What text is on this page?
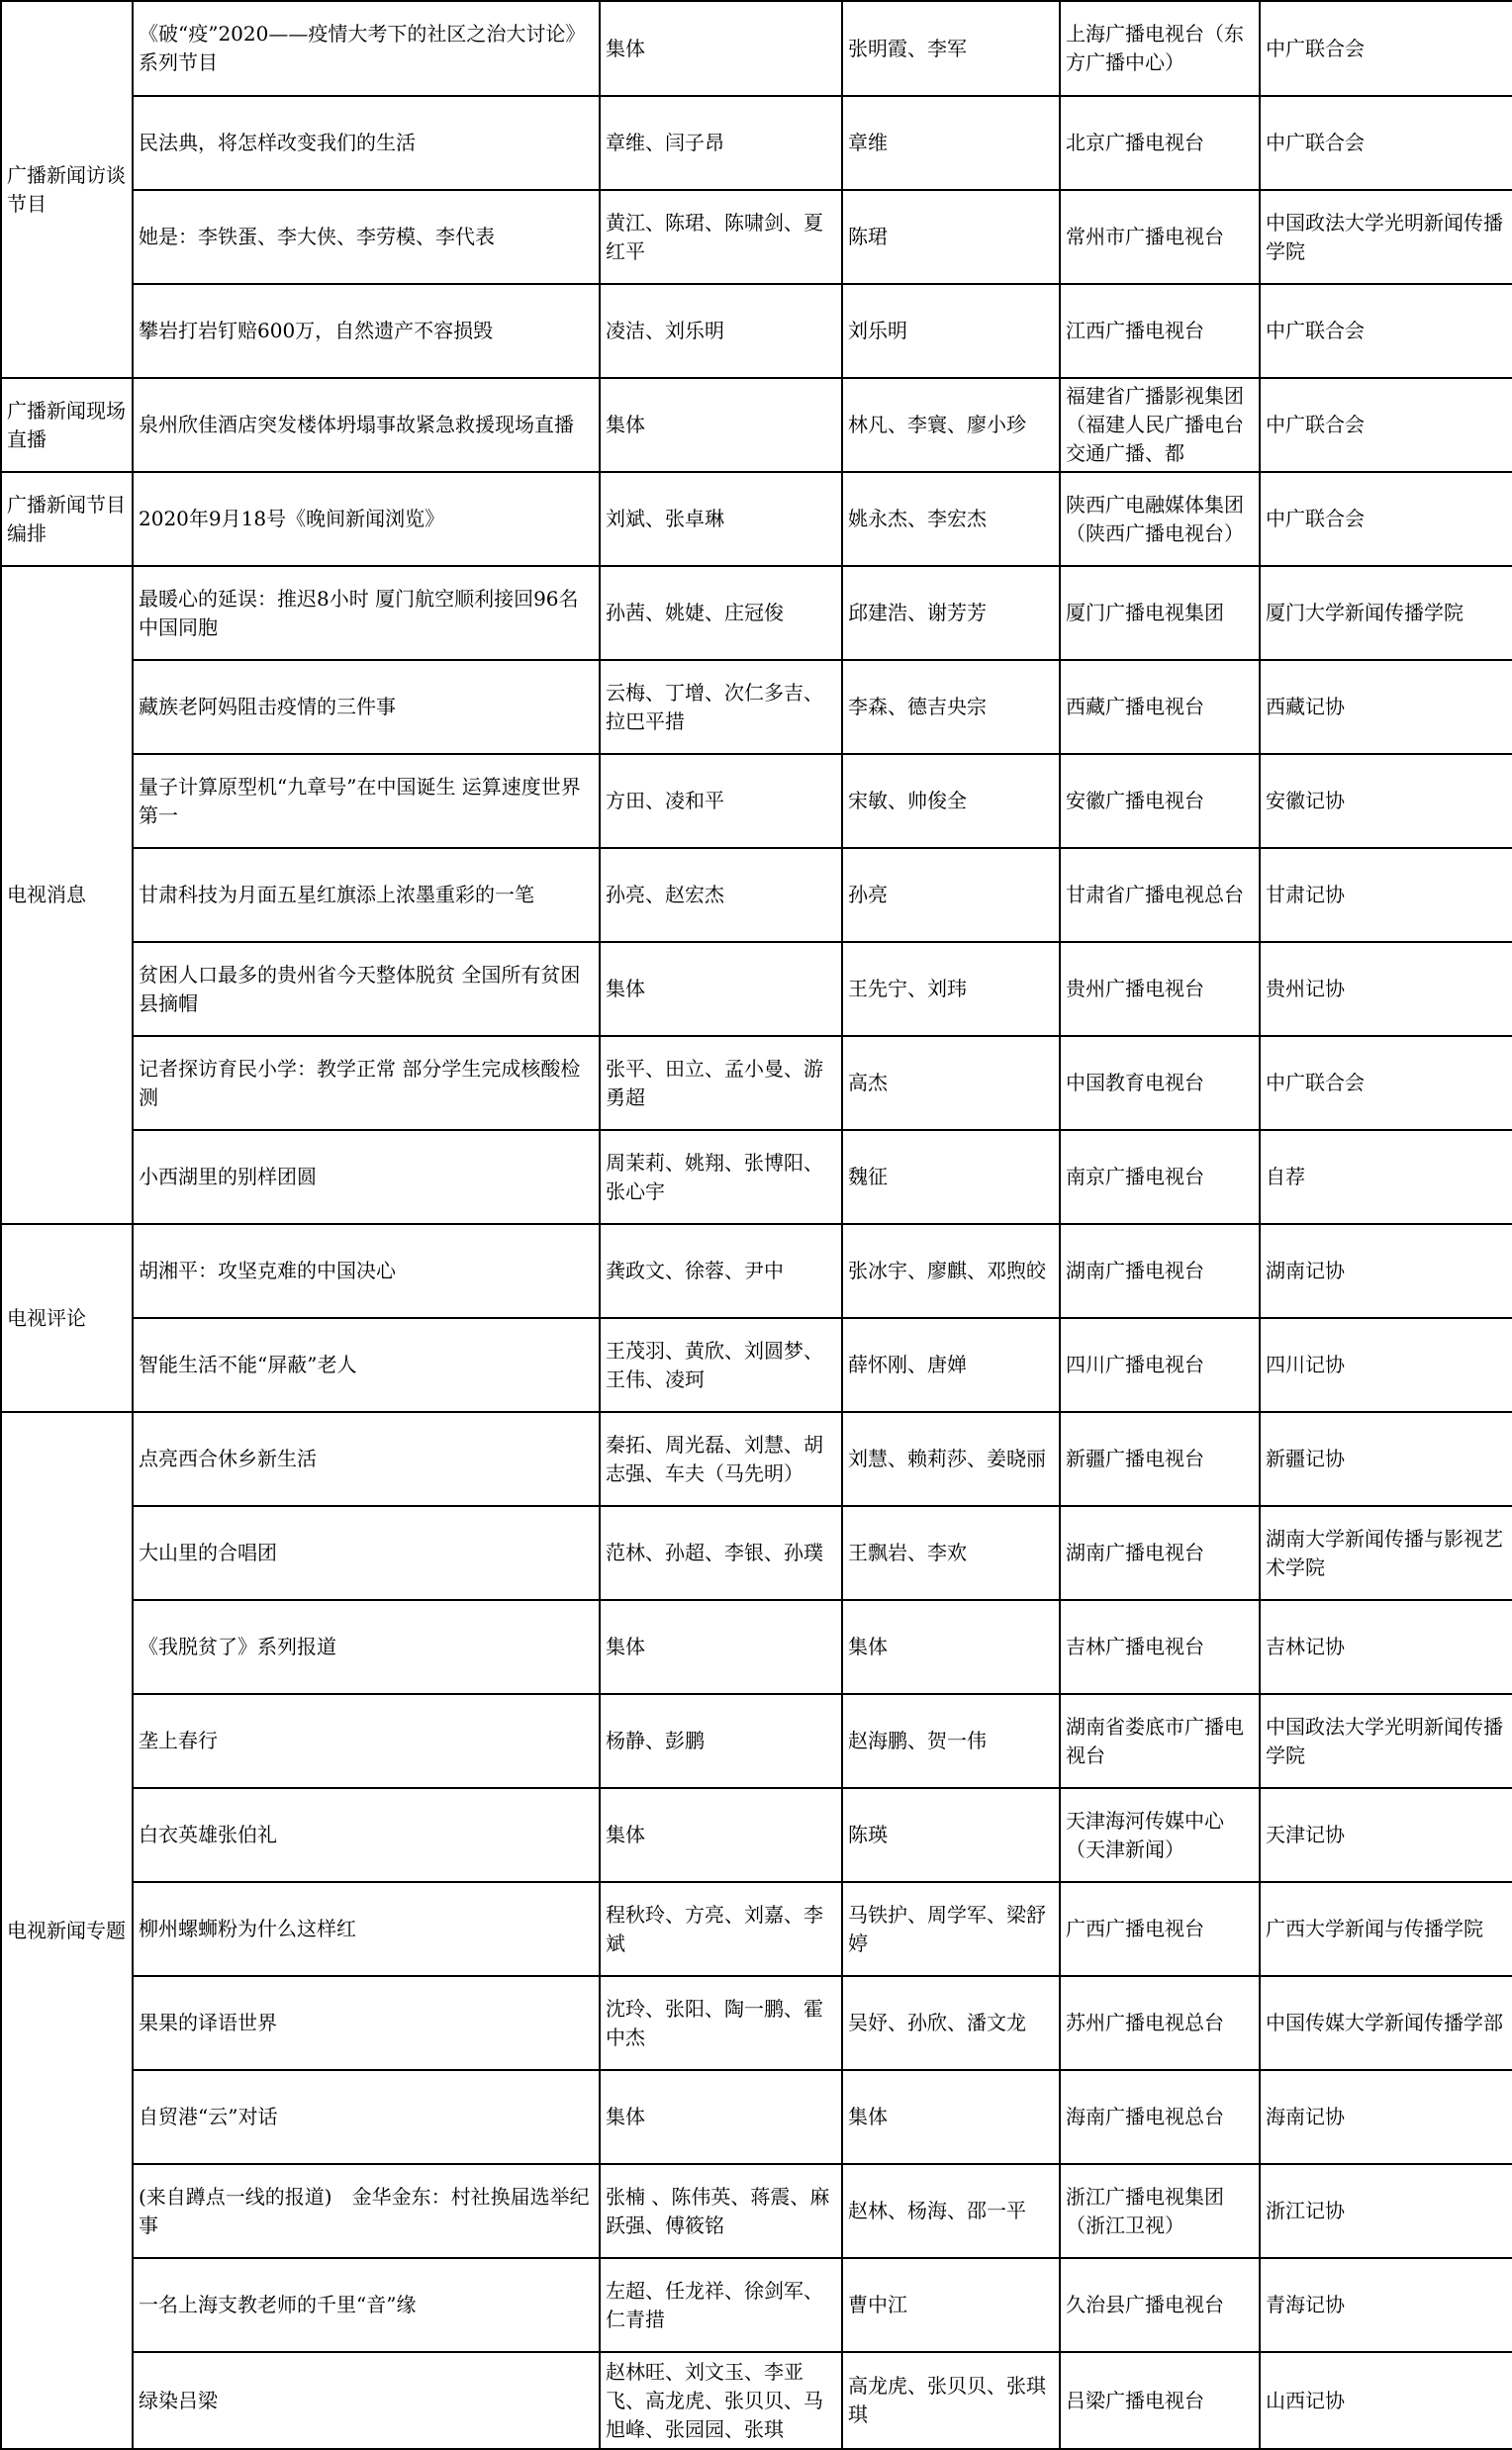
广播新闻访谈节目	《破“疫”2020——疫情大考下的社区之治大讨论》系列节目	集体	张明霞、李军	上海广播电视台（东方广播中心）	中广联合会

	民法典，将怎样改变我们的生活	章维、闫子昂	章维	北京广播电视台	中广联合会

	她是：李铁蛋、李大侠、李劳模、李代表	黄江、陈珺、陈啸剑、夏红平	陈珺	常州市广播电视台	中国政法大学光明新闻传播学院

	攀岩打岩钉赔600万，自然遗产不容损毁	凌洁、刘乐明	刘乐明	江西广播电视台	中广联合会

广播新闻现场直播	泉州欣佳酒店突发楼体坍塌事故紧急救援现场直播	集体	林凡、李寰、廖小珍	福建省广播影视集团（福建人民广播电台交通广播、都	中广联合会

广播新闻节目编排	2020年9月18号《晚间新闻浏览》	刘斌、张卓琳	姚永杰、李宏杰	陕西广电融媒体集团（陕西广播电视台）	中广联合会

电视消息	最暖心的延误：推迟8小时 厦门航空顺利接回96名中国同胞	孙茜、姚婕、庄冠俊	邱建浩、谢芳芳	厦门广播电视集团	厦门大学新闻传播学院

	藏族老阿妈阻击疫情的三件事	云梅、丁增、次仁多吉、拉巴平措	李森、德吉央宗	西藏广播电视台	西藏记协

	量子计算原型机“九章号”在中国诞生 运算速度世界第一	方田、凌和平	宋敏、帅俊全	安徽广播电视台	安徽记协

	甘肃科技为月面五星红旗添上浓墨重彩的一笔	孙亮、赵宏杰	孙亮	甘肃省广播电视总台	甘肃记协

	贫困人口最多的贵州省今天整体脱贫 全国所有贫困县摘帽	集体	王先宁、刘玮	贵州广播电视台	贵州记协

	记者探访育民小学：教学正常 部分学生完成核酸检测	张平、田立、孟小曼、游勇超	高杰	中国教育电视台	中广联合会

	小西湖里的别样团圆	周茉莉、姚翔、张博阳、张心宇	魏征	南京广播电视台	自荐

电视评论	胡湘平：攻坚克难的中国决心	龚政文、徐蓉、尹中	张冰宇、廖麒、邓煦皎	湖南广播电视台	湖南记协

	智能生活不能“屏蔽”老人	王茂羽、黄欣、刘圆梦、王伟、凌珂	薛怀刚、唐婵	四川广播电视台	四川记协

电视新闻专题	点亮西合休乡新生活	秦拓、周光磊、刘慧、胡志强、车夫（马先明）	刘慧、赖莉莎、姜晓丽	新疆广播电视台	新疆记协

	大山里的合唱团	范林、孙超、李银、孙璞	王飘岩、李欢	湖南广播电视台	湖南大学新闻传播与影视艺术学院

	《我脱贫了》系列报道	集体	集体	吉林广播电视台	吉林记协

	垄上春行	杨静、彭鹏	赵海鹏、贺一伟	湖南省娄底市广播电视台	中国政法大学光明新闻传播学院

	白衣英雄张伯礼	集体	陈瑛	天津海河传媒中心（天津新闻）	天津记协

	柳州螺蛳粉为什么这样红	程秋玲、方亮、刘嘉、李斌	马铁护、周学军、梁舒婷	广西广播电视台	广西大学新闻与传播学院

	果果的译语世界	沈玲、张阳、陶一鹏、霍中杰	吴妤、孙欣、潘文龙	苏州广播电视总台	中国传媒大学新闻传播学部

	自贸港“云”对话	集体	集体	海南广播电视总台	海南记协

	(来自蹲点一线的报道)　金华金东：村社换届选举纪事	张楠 、陈伟英、蒋震、麻跃强、傅筱铭	赵林、杨海、邵一平	浙江广播电视集团（浙江卫视）	浙江记协

	一名上海支教老师的千里“音”缘	左超、任龙祥、徐剑军、仁青措	曹中江	久治县广播电视台	青海记协

	绿染吕梁	赵林旺、刘文玉、李亚飞、高龙虎、张贝贝、马旭峰、张园园、张琪	高龙虎、张贝贝、张琪琪	吕梁广播电视台	山西记协
